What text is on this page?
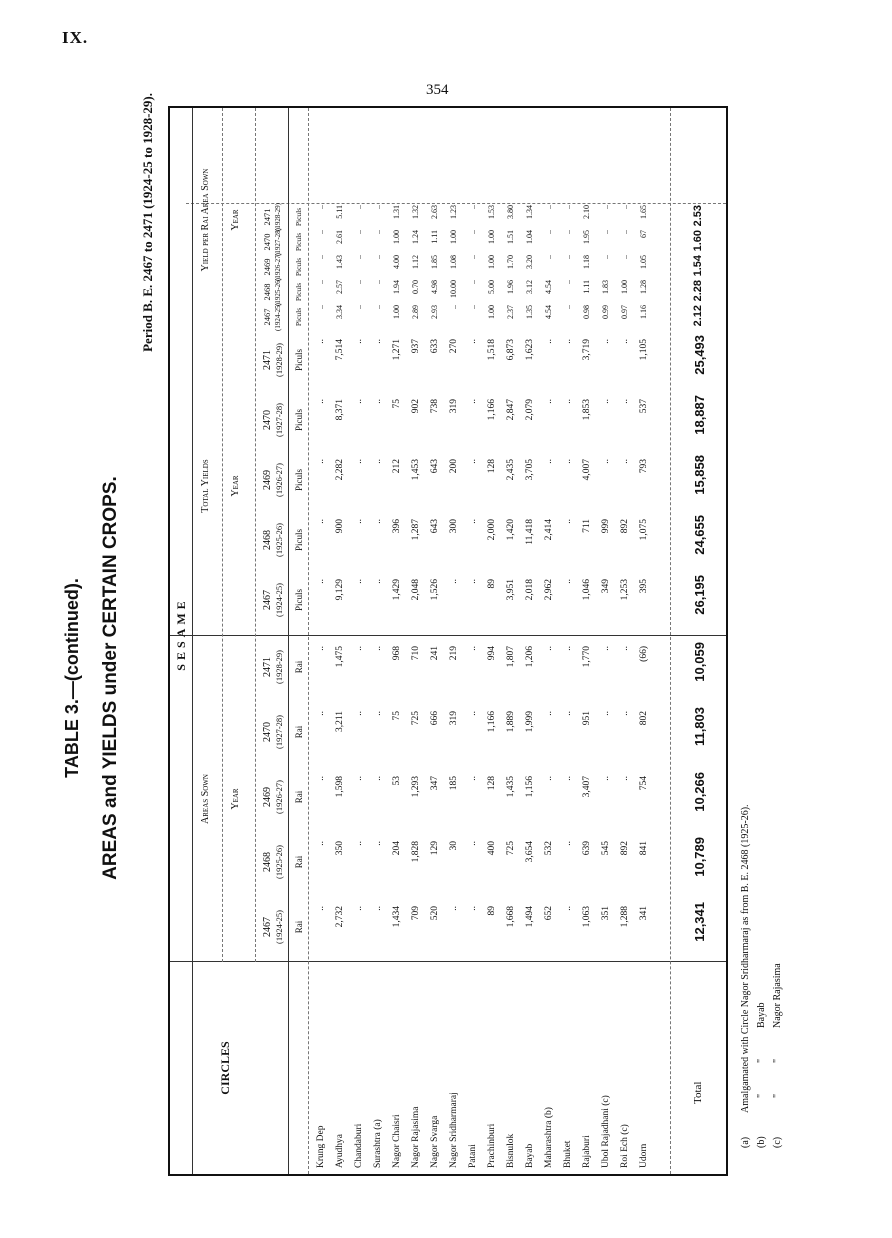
IX.
354
TABLE 3.—(continued). AREAS and YIELDS under CERTAIN CROPS.
Period B. E. 2467 to 2471 (1924-25 to 1928-29).
CIRCLES
SESAME
Areas Sown
Total Yields
Yield per Rai Area Sown
Year
Year
Year
2467 (1924-25)
2467 (1924-25)
2467 (1924-25)
Rai
Piculs
Piculs
2468 (1925-26)
2468 (1925-26)
2468 (1925-26)
Rai
Piculs
Piculs
2469 (1926-27)
2469 (1926-27)
2469 (1926-27)
Rai
Piculs
Piculs
2470 (1927-28)
2470 (1927-28)
2470 (1927-28)
Rai
Piculs
Piculs
2471 (1928-29)
2471 (1928-29)
2471 (1928-29)
Rai
Piculs
Piculs
Krung Dep
..
..
..
..
..
..
..
..
..
..
..
..
..
..
..
Ayudhya
2,732
350
1,598
3,211
1,475
9,129
900
2,282
8,371
7,514
3.34
2.57
1.43
2.61
5.11
Chandaburi
..
..
..
..
..
..
..
..
..
..
..
..
..
..
..
Surashtra (a)
..
..
..
..
..
..
..
..
..
..
..
..
..
..
..
Nagor Chaisri
1,434
204
53
75
968
1,429
396
212
75
1,271
1.00
1.94
4.00
1.00
1.31
Nagor Rajasima
709
1,828
1,293
725
710
2,048
1,287
1,453
902
937
2.89
0.70
1.12
1.24
1.32
Nagor Svarga
520
129
347
666
241
1,526
643
643
738
633
2.93
4.98
1.85
1.11
2.63
Nagor Sridharmaraj
..
30
185
319
219
..
300
200
319
270
..
10.00
1.08
1.00
1.23
Patani
..
..
..
..
..
..
..
..
..
..
..
..
..
..
..
Prachinburi
89
400
128
1,166
994
89
2,000
128
1,166
1,518
1.00
5.00
1.00
1.00
1.53
Bisnulok
1,668
725
1,435
1,889
1,807
3,951
1,420
2,435
2,847
6,873
2.37
1.96
1.70
1.51
3.80
Bayab
1,494
3,654
1,156
1,999
1,206
2,018
11,418
3,705
2,079
1,623
1.35
3.12
3.20
1.04
1.34
Maharashtra (b)
652
532
..
..
..
2,962
2,414
..
..
..
4.54
4.54
..
..
..
Bhuket
..
..
..
..
..
..
..
..
..
..
..
..
..
..
..
Rajaburi
1,063
639
3,407
951
1,770
1,046
711
4,007
1,853
3,719
0.98
1.11
1.18
1.95
2.10
Ubol Rajadhani (c)
351
545
..
..
..
349
999
..
..
..
0.99
1.83
..
..
..
Roi Ech (c)
1,288
892
..
..
..
1,253
892
..
..
..
0.97
1.00
..
..
..
Udorn
341
841
754
802
(66)
395
1,075
793
537
1,105
1.16
1.28
1.05
67
1.65
Total
12,341
10,789
10,266
11,803
10,059
26,195
24,655
15,858
18,887
25,493
2.12
2.28
1.54
1.60
2.53
(a)
Amalgamated with Circle Nagor Sridharmaraj as from B. E. 2468 (1925-26).
(b)
"
"
Bayab
(c)
"
"
Nagor Rajasima
